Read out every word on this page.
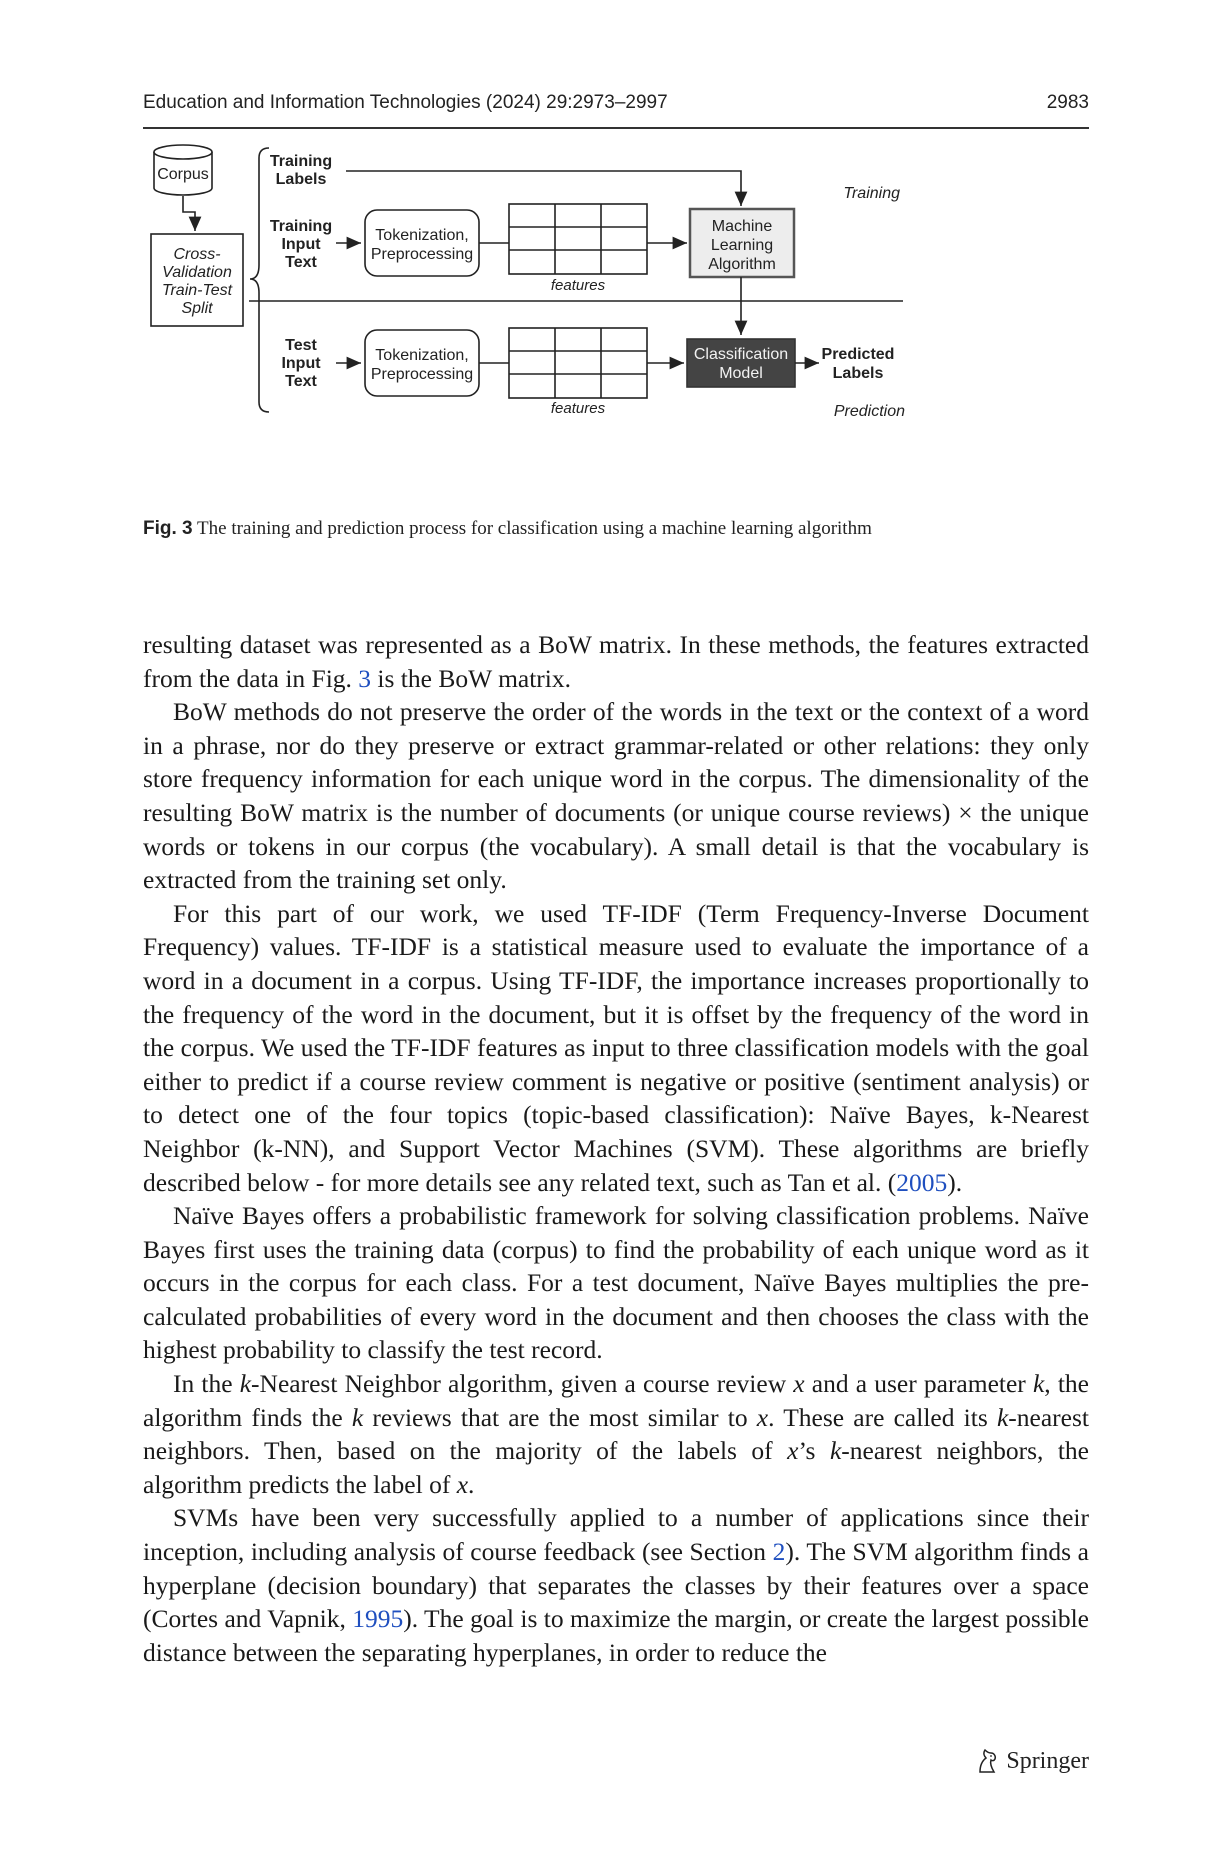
Education and Information Technologies (2024) 29:2973–2997	2983
Corpus
Cross-
Validation
Train-Test
Split
Training
Labels
Training
Input
Text
Tokenization,
Preprocessing
features
Machine
Learning
Algorithm
Training
Test
Input
Text
Tokenization,
Preprocessing
features
Classification
Model
Predicted
Labels
Prediction
Fig. 3 The training and prediction process for classification using a machine learning algorithm

resulting dataset was represented as a BoW matrix. In these methods, the features extracted from the data in Fig. 3 is the BoW matrix.

BoW methods do not preserve the order of the words in the text or the context of a word in a phrase, nor do they preserve or extract grammar-related or other relations: they only store frequency information for each unique word in the corpus. The dimensionality of the resulting BoW matrix is the number of documents (or unique course reviews) × the unique words or tokens in our corpus (the vocabulary). A small detail is that the vocabulary is extracted from the training set only.

For this part of our work, we used TF-IDF (Term Frequency-Inverse Document Frequency) values. TF-IDF is a statistical measure used to evaluate the importance of a word in a document in a corpus. Using TF-IDF, the importance increases proportionally to the frequency of the word in the document, but it is offset by the frequency of the word in the corpus. We used the TF-IDF features as input to three classification models with the goal either to predict if a course review comment is negative or positive (sentiment analysis) or to detect one of the four topics (topic-based classification): Naïve Bayes, k-Nearest Neighbor (k-NN), and Support Vector Machines (SVM). These algorithms are briefly described below - for more details see any related text, such as Tan et al. (2005).

Naïve Bayes offers a probabilistic framework for solving classification problems. Naïve Bayes first uses the training data (corpus) to find the probability of each unique word as it occurs in the corpus for each class. For a test document, Naïve Bayes multiplies the pre-calculated probabilities of every word in the document and then chooses the class with the highest probability to classify the test record.

In the k-Nearest Neighbor algorithm, given a course review x and a user parameter k, the algorithm finds the k reviews that are the most similar to x. These are called its k-nearest neighbors. Then, based on the majority of the labels of x’s k-nearest neighbors, the algorithm predicts the label of x.

SVMs have been very successfully applied to a number of applications since their inception, including analysis of course feedback (see Section 2). The SVM algorithm finds a hyperplane (decision boundary) that separates the classes by their features over a space (Cortes and Vapnik, 1995). The goal is to maximize the margin, or create the largest possible distance between the separating hyperplanes, in order to reduce the

Springer
